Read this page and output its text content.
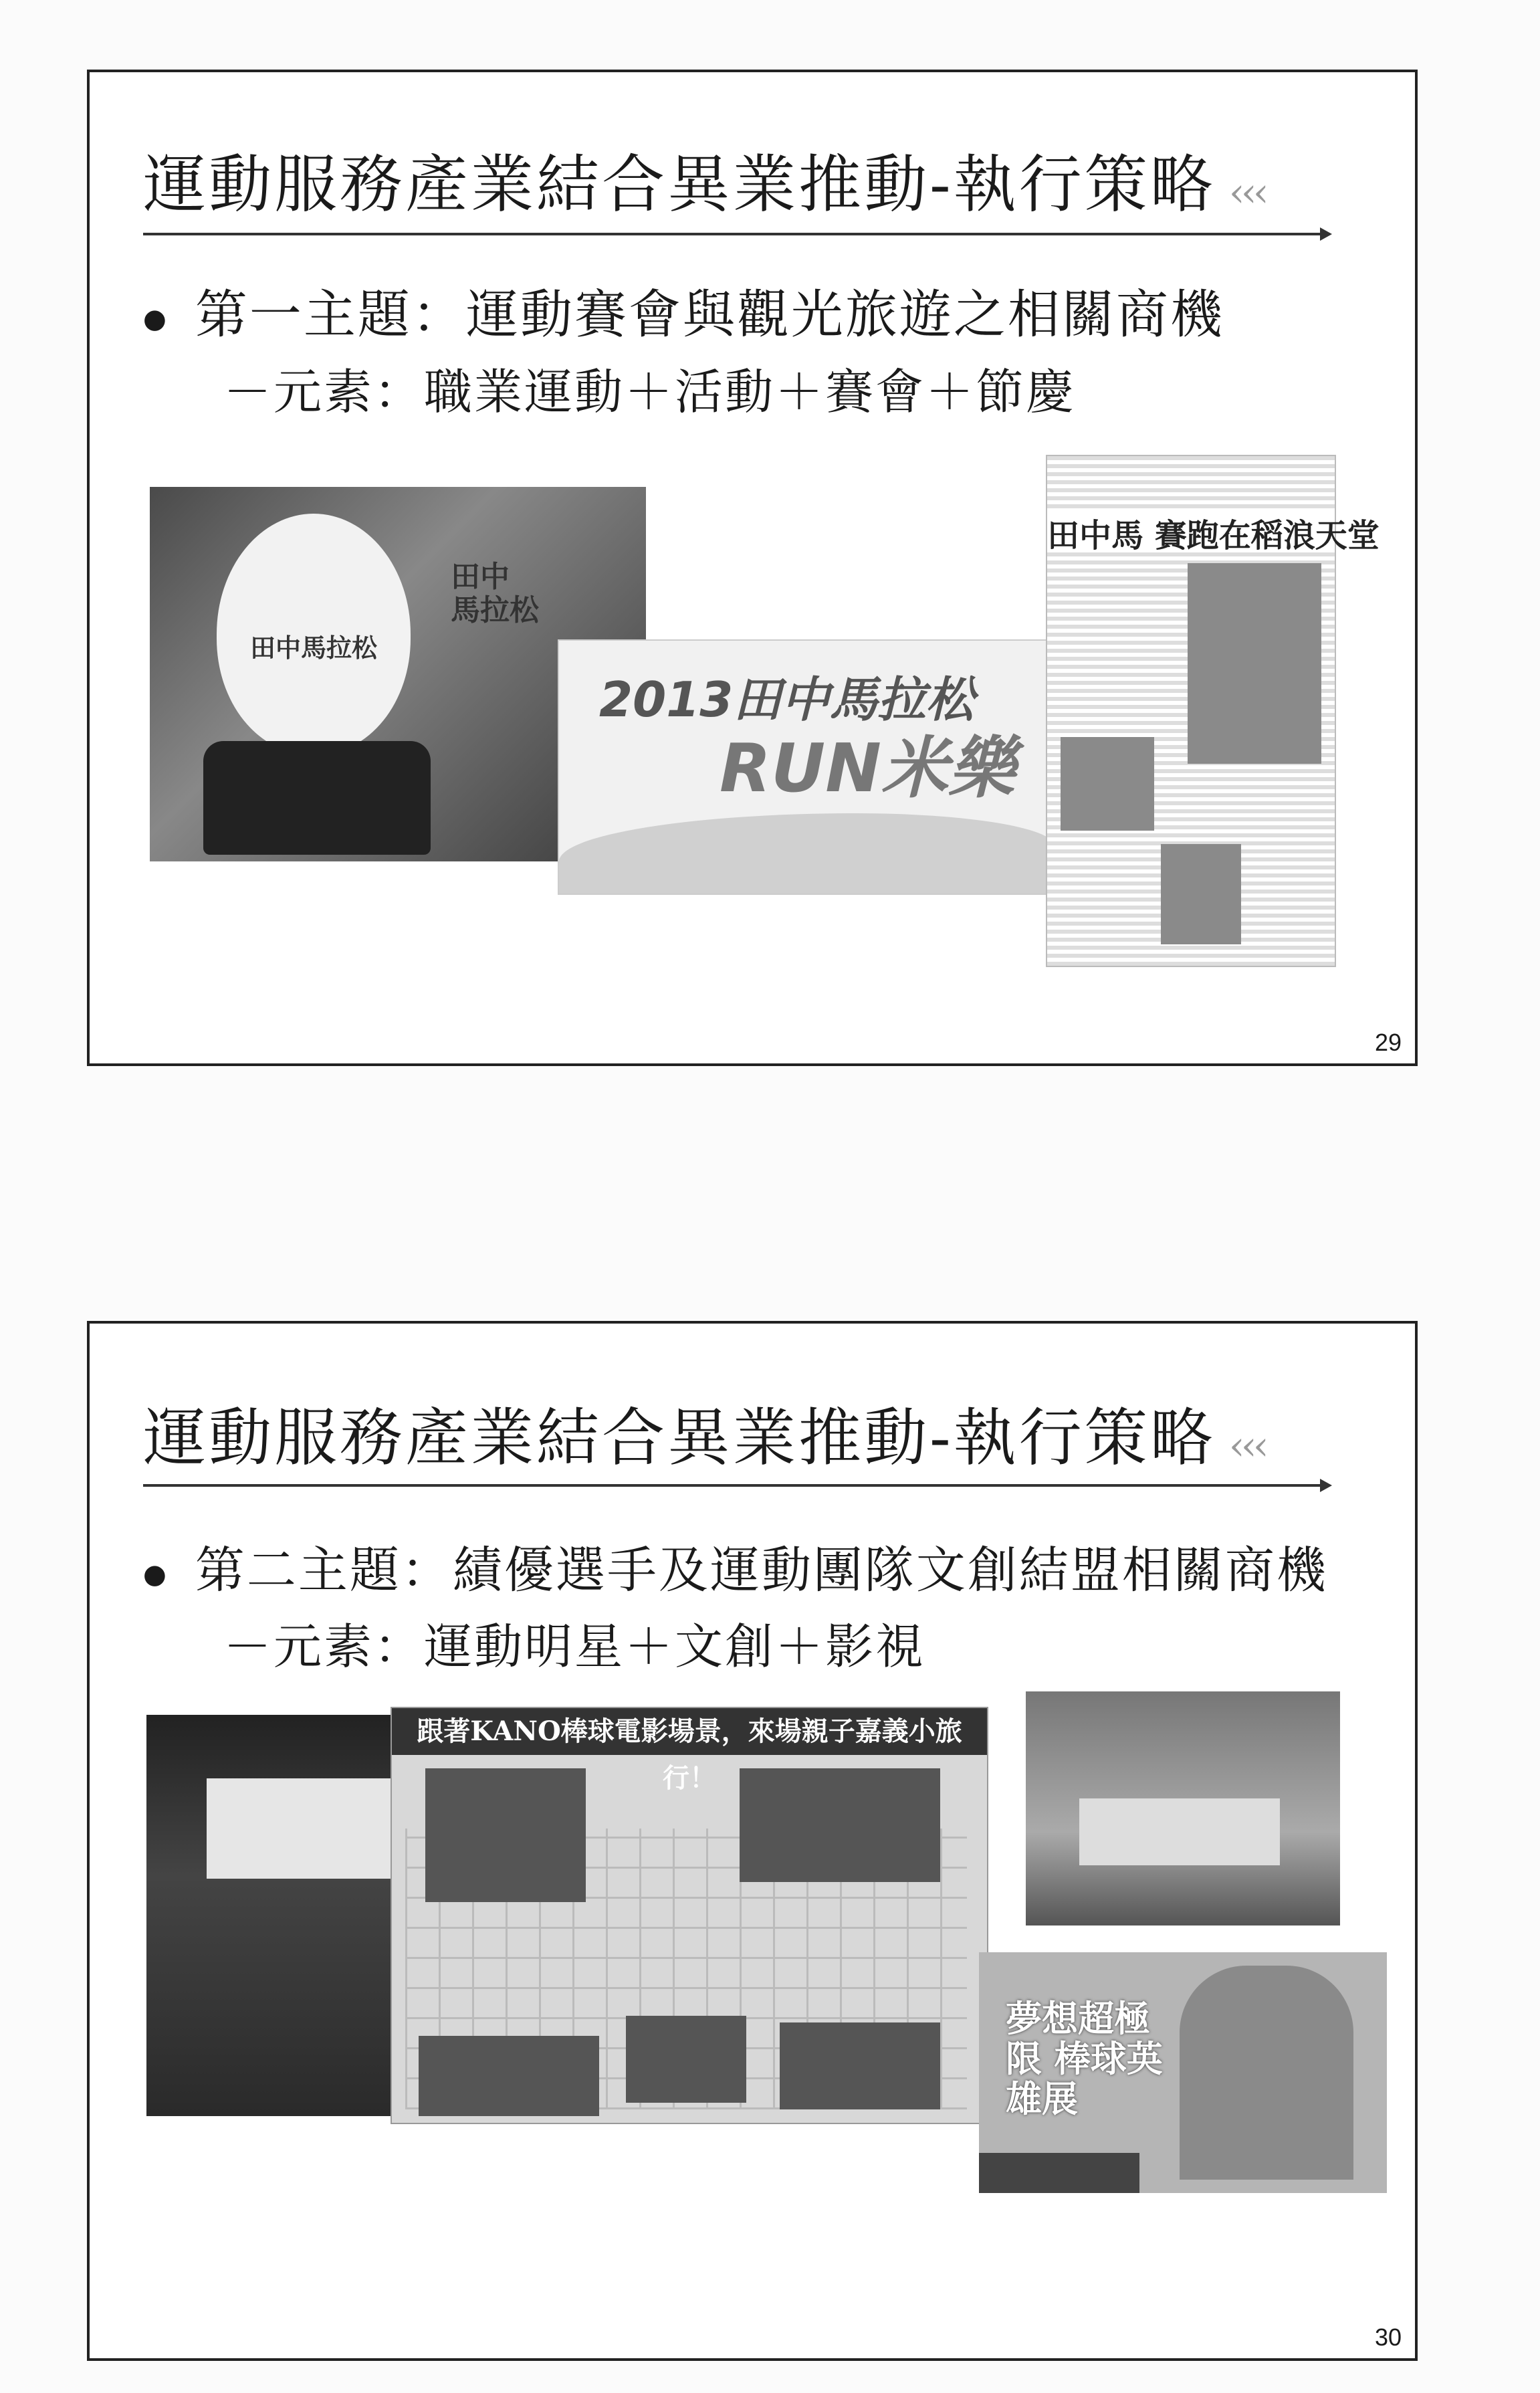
運動服務產業結合異業推動-執行策略 ‹‹‹
● 第一主題：運動賽會與觀光旅遊之相關商機
－元素：職業運動＋活動＋賽會＋節慶
田中馬拉松
田中
馬拉松
2013田中馬拉松
RUN米樂
田中馬 賽跑在稻浪天堂
29
運動服務產業結合異業推動-執行策略 ‹‹‹
● 第二主題：績優選手及運動團隊文創結盟相關商機
－元素：運動明星＋文創＋影視
跟著KANO棒球電影場景，來場親子嘉義小旅行！
夢想超極限 棒球英雄展
30
